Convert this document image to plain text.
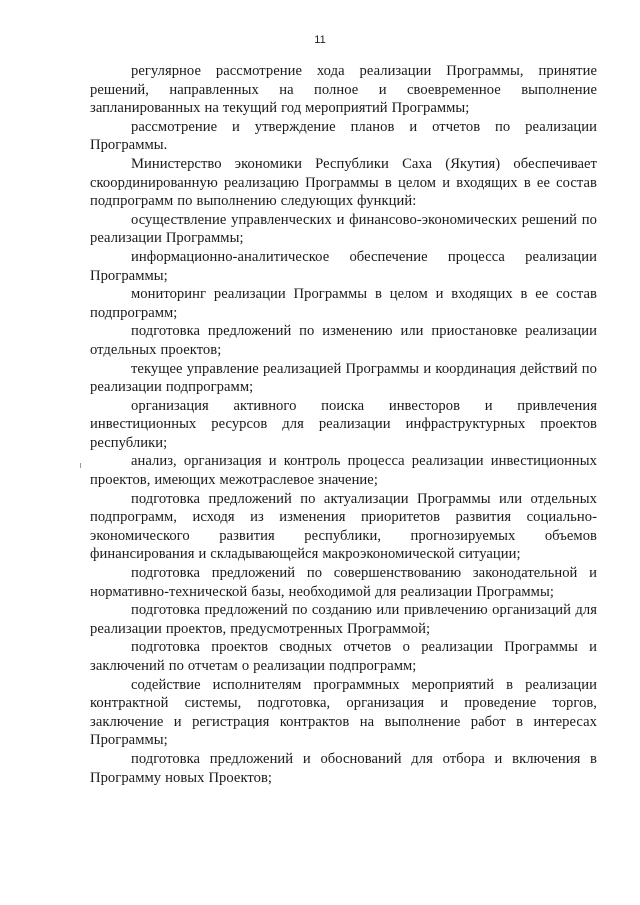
11

регулярное рассмотрение хода реализации Программы, принятие решений, направленных на полное и своевременное выполнение запланированных на текущий год мероприятий Программы;

рассмотрение и утверждение планов и отчетов по реализации Программы.

Министерство экономики Республики Саха (Якутия) обеспечивает скоординированную реализацию Программы в целом и входящих в ее состав подпрограмм по выполнению следующих функций:

осуществление управленческих и финансово-экономических решений по реализации Программы;

информационно-аналитическое обеспечение процесса реализации Программы;

мониторинг реализации Программы в целом и входящих в ее состав подпрограмм;

подготовка предложений по изменению или приостановке реализации отдельных проектов;

текущее управление реализацией Программы и координация действий по реализации подпрограмм;

организация активного поиска инвесторов и привлечения инвестиционных ресурсов для реализации инфраструктурных проектов республики;

анализ, организация и контроль процесса реализации инвестиционных проектов, имеющих межотраслевое значение;

подготовка предложений по актуализации Программы или отдельных подпрограмм, исходя из изменения приоритетов развития социально-экономического развития республики, прогнозируемых объемов финансирования и складывающейся макроэкономической ситуации;

подготовка предложений по совершенствованию законодательной и нормативно-технической базы, необходимой для реализации Программы;

подготовка предложений по созданию или привлечению организаций для реализации проектов, предусмотренных Программой;

подготовка проектов сводных отчетов о реализации Программы и заключений по отчетам о реализации подпрограмм;

содействие исполнителям программных мероприятий в реализации контрактной системы, подготовка, организация и проведение торгов, заключение и регистрация контрактов на выполнение работ в интересах Программы;

подготовка предложений и обоснований для отбора и включения в Программу новых Проектов;
